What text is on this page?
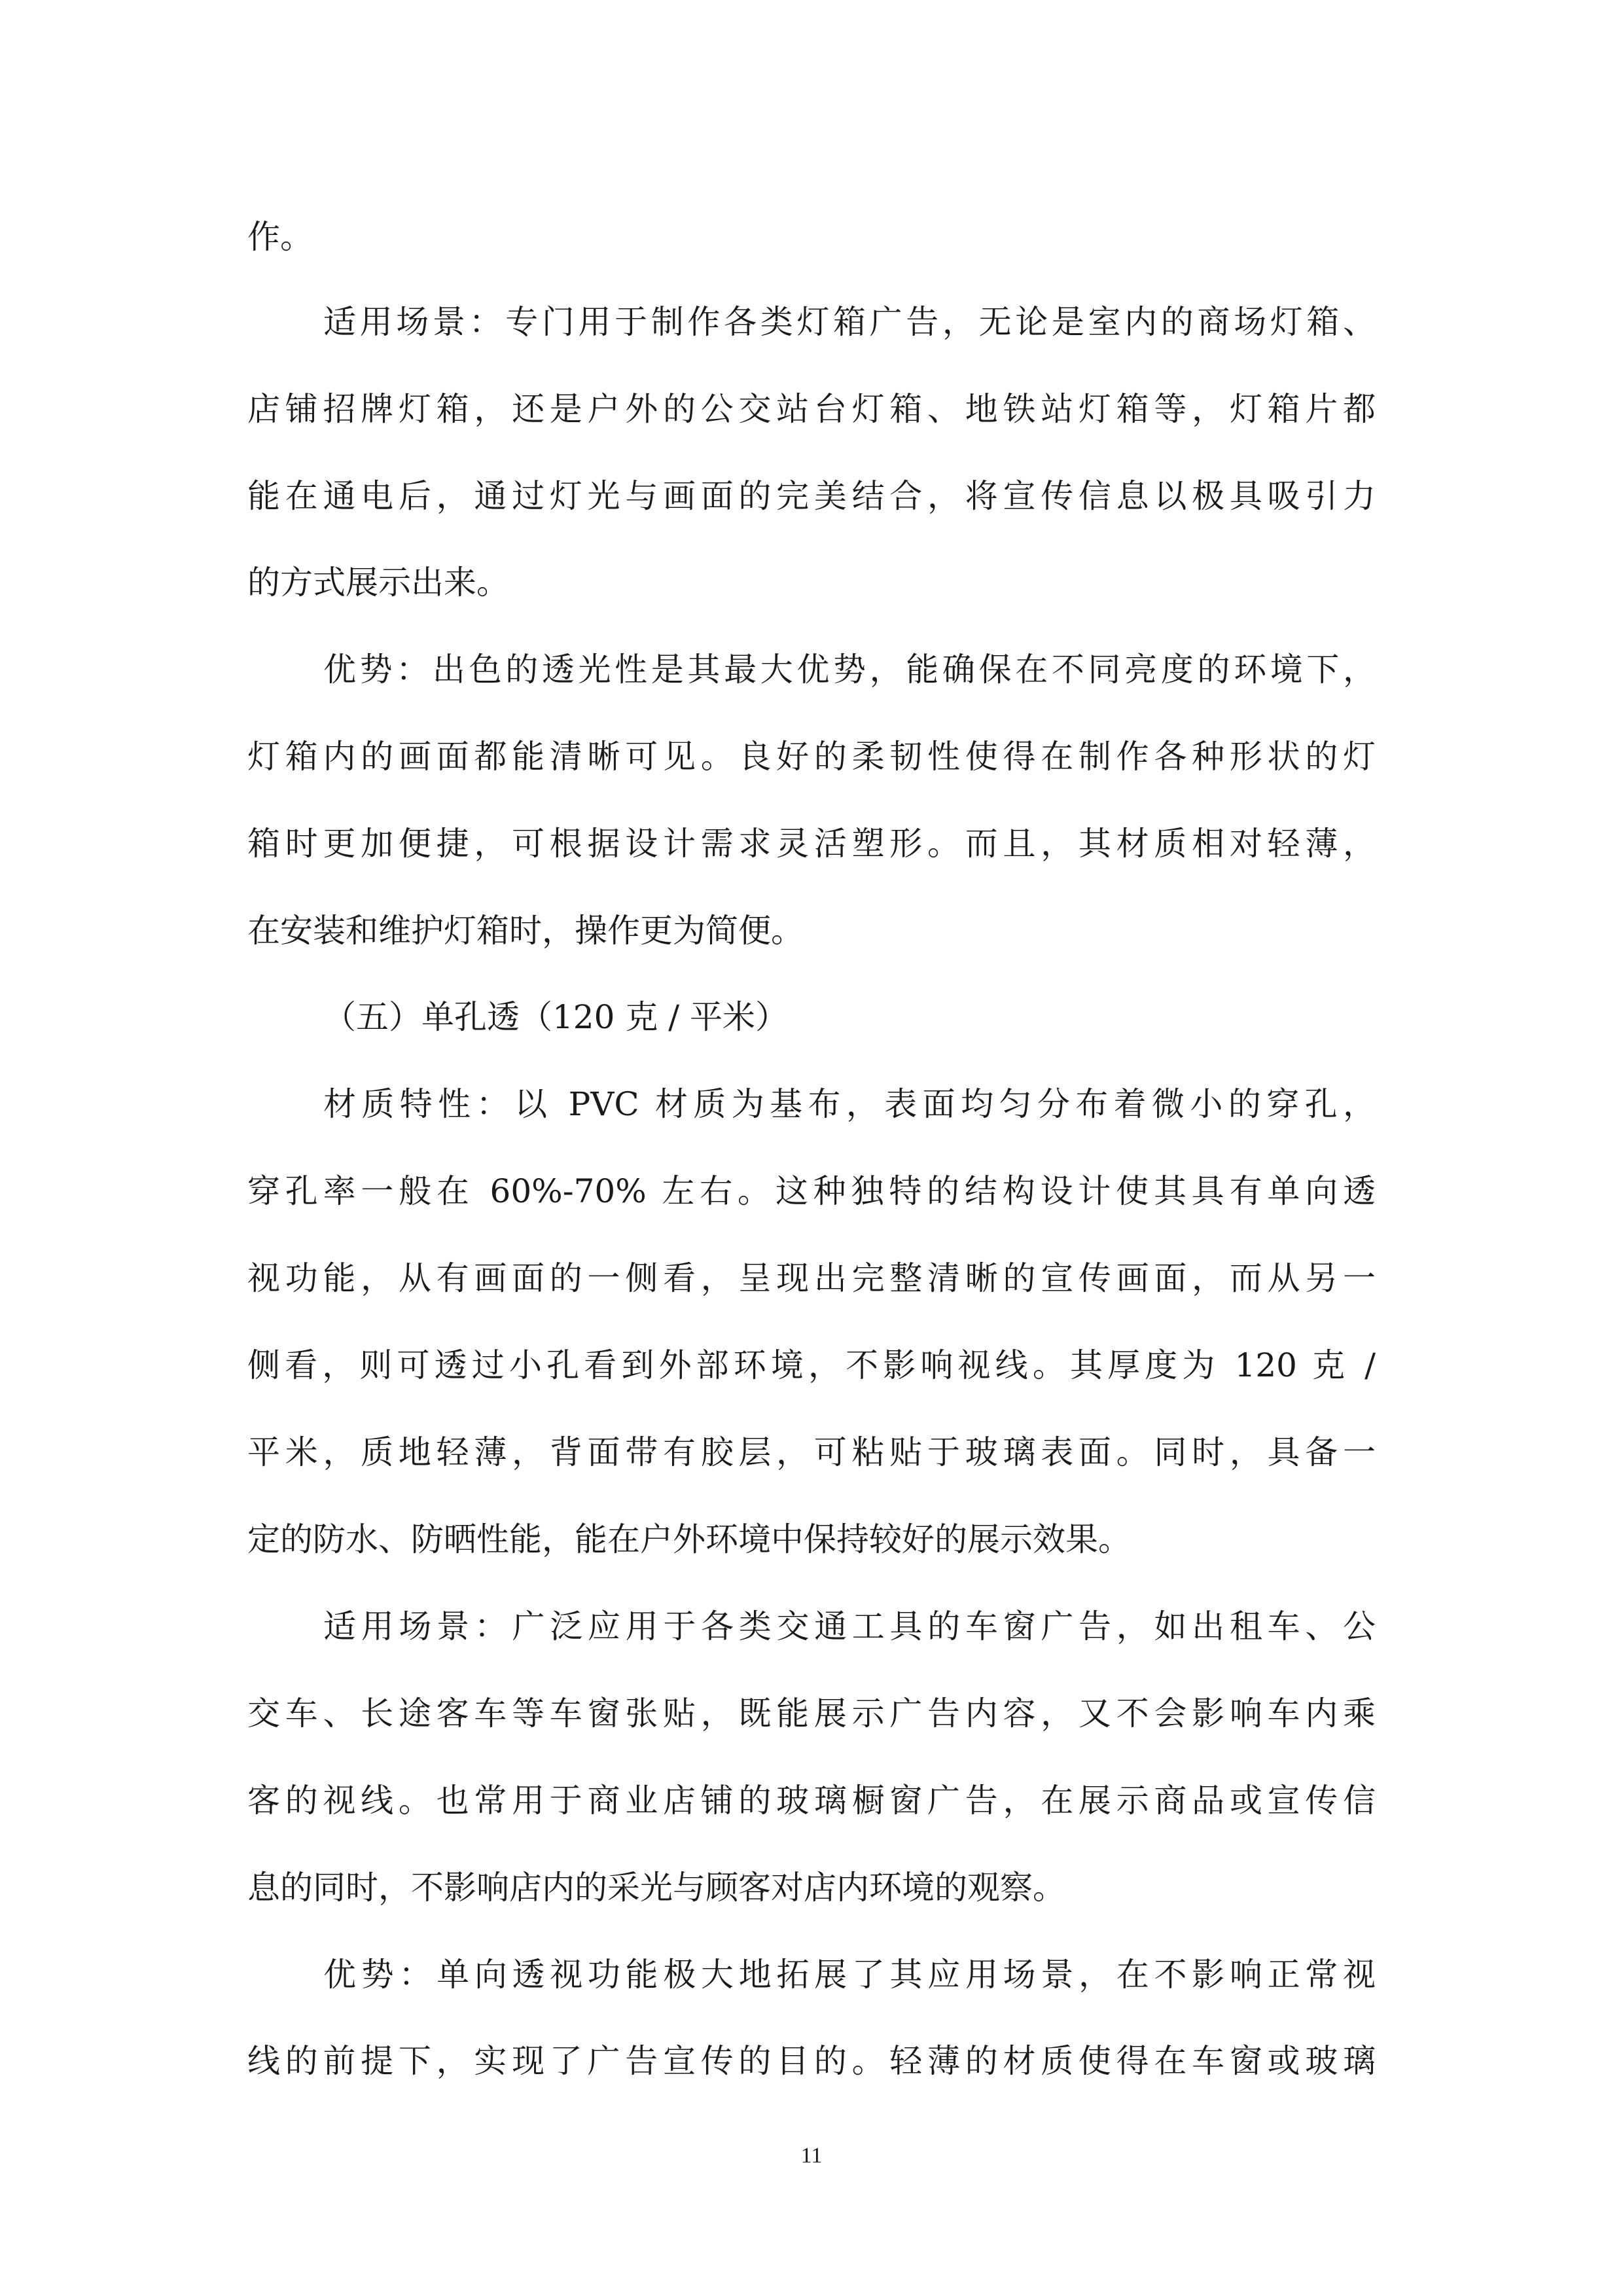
作。

适用场景：专门用于制作各类灯箱广告，无论是室内的商场灯箱、

店铺招牌灯箱，还是户外的公交站台灯箱、地铁站灯箱等，灯箱片都

能在通电后，通过灯光与画面的完美结合，将宣传信息以极具吸引力

的方式展示出来。

优势：出色的透光性是其最大优势，能确保在不同亮度的环境下，

灯箱内的画面都能清晰可见。良好的柔韧性使得在制作各种形状的灯

箱时更加便捷，可根据设计需求灵活塑形。而且，其材质相对轻薄，

在安装和维护灯箱时，操作更为简便。

（五）单孔透（120 克 / 平米）

材质特性：以 PVC 材质为基布，表面均匀分布着微小的穿孔，

穿孔率一般在 60%-70% 左右。这种独特的结构设计使其具有单向透

视功能，从有画面的一侧看，呈现出完整清晰的宣传画面，而从另一

侧看，则可透过小孔看到外部环境，不影响视线。其厚度为 120 克 /

平米，质地轻薄，背面带有胶层，可粘贴于玻璃表面。同时，具备一

定的防水、防晒性能，能在户外环境中保持较好的展示效果。

适用场景：广泛应用于各类交通工具的车窗广告，如出租车、公

交车、长途客车等车窗张贴，既能展示广告内容，又不会影响车内乘

客的视线。也常用于商业店铺的玻璃橱窗广告，在展示商品或宣传信

息的同时，不影响店内的采光与顾客对店内环境的观察。

优势：单向透视功能极大地拓展了其应用场景，在不影响正常视

线的前提下，实现了广告宣传的目的。轻薄的材质使得在车窗或玻璃

11
